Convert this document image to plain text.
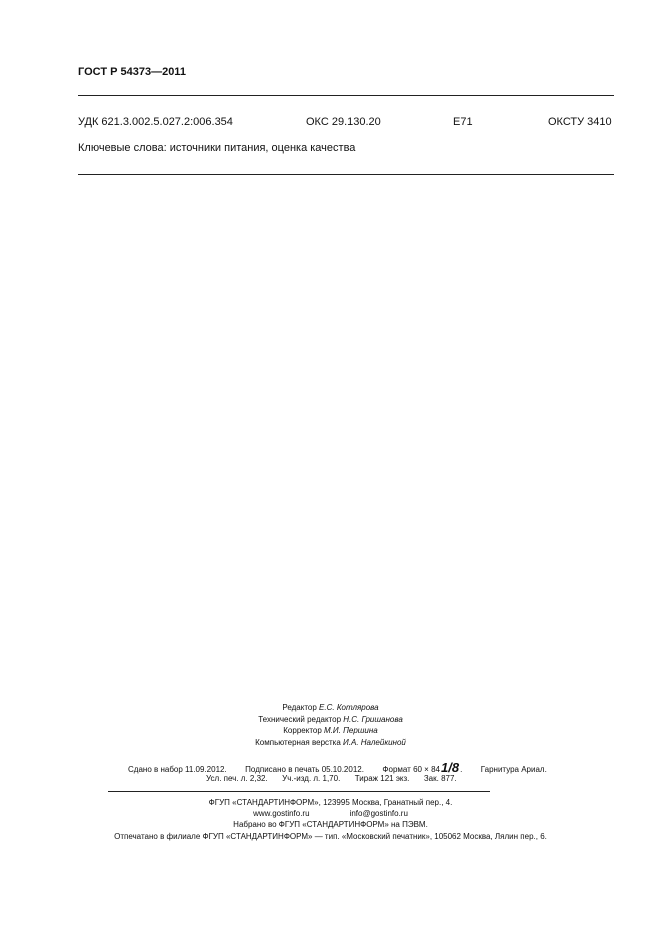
ГОСТ Р 54373—2011
УДК 621.3.002.5.027.2:006.354	ОКС 29.130.20	Е71	ОКСТУ 3410
Ключевые слова: источники питания, оценка качества
Редактор Е.С. Котлярова
Технический редактор Н.С. Гришанова
Корректор М.И. Першина
Компьютерная верстка И.А. Налейкиной
Сдано в набор 11.09.2012. Подписано в печать 05.10.2012. Формат 60 × 841/8. Гарнитура Ариал.
Усл. печ. л. 2,32. Уч.-изд. л. 1,70. Тираж 121 экз. Зак. 877.
ФГУП «СТАНДАРТИНФОРМ», 123995 Москва, Гранатный пер., 4.
www.gostinfo.ru	info@gostinfo.ru
Набрано во ФГУП «СТАНДАРТИНФОРМ» на ПЭВМ.
Отпечатано в филиале ФГУП «СТАНДАРТИНФОРМ» — тип. «Московский печатник», 105062 Москва, Лялин пер., 6.
